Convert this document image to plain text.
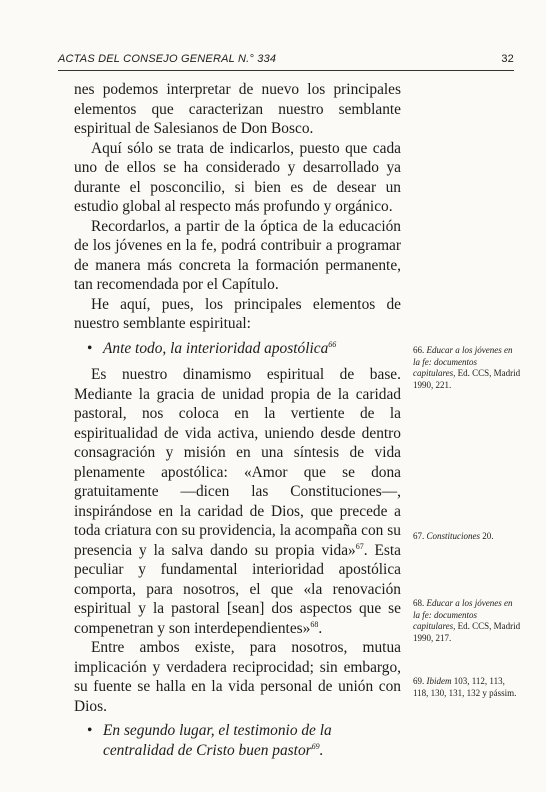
ACTAS DEL CONSEJO GENERAL N.° 334	32

nes podemos interpretar de nuevo los principales elementos que caracterizan nuestro semblante espiritual de Salesianos de Don Bosco.

Aquí sólo se trata de indicarlos, puesto que cada uno de ellos se ha considerado y desarrollado ya durante el posconcilio, si bien es de desear un estudio global al respecto más profundo y orgánico.

Recordarlos, a partir de la óptica de la educación de los jóvenes en la fe, podrá contribuir a programar de manera más concreta la formación permanente, tan recomendada por el Capítulo.

He aquí, pues, los principales elementos de nuestro semblante espiritual:

• Ante todo, la interioridad apostólica$^{66}$

Es nuestro dinamismo espiritual de base. Mediante la gracia de unidad propia de la caridad pastoral, nos coloca en la vertiente de la espiritualidad de vida activa, uniendo desde dentro consagración y misión en una síntesis de vida plenamente apostólica: «Amor que se dona gratuitamente —dicen las Constituciones—, inspirándose en la caridad de Dios, que precede a toda criatura con su providencia, la acompaña con su presencia y la salva dando su propia vida»$^{67}$. Esta peculiar y fundamental interioridad apostólica comporta, para nosotros, el que «la renovación espiritual y la pastoral [sean] dos aspectos que se compenetran y son interdependientes»$^{68}$.

Entre ambos existe, para nosotros, mutua implicación y verdadera reciprocidad; sin embargo, su fuente se halla en la vida personal de unión con Dios.

• En segundo lugar, el testimonio de la centralidad de Cristo buen pastor$^{69}$.

66. Educar a los jóvenes en la fe: documentos capitulares, Ed. CCS, Madrid 1990, 221.
67. Constituciones 20.
68. Educar a los jóvenes en la fe: documentos capitulares, Ed. CCS, Madrid 1990, 217.
69. Ibidem 103, 112, 113, 118, 130, 131, 132 y pássim.
